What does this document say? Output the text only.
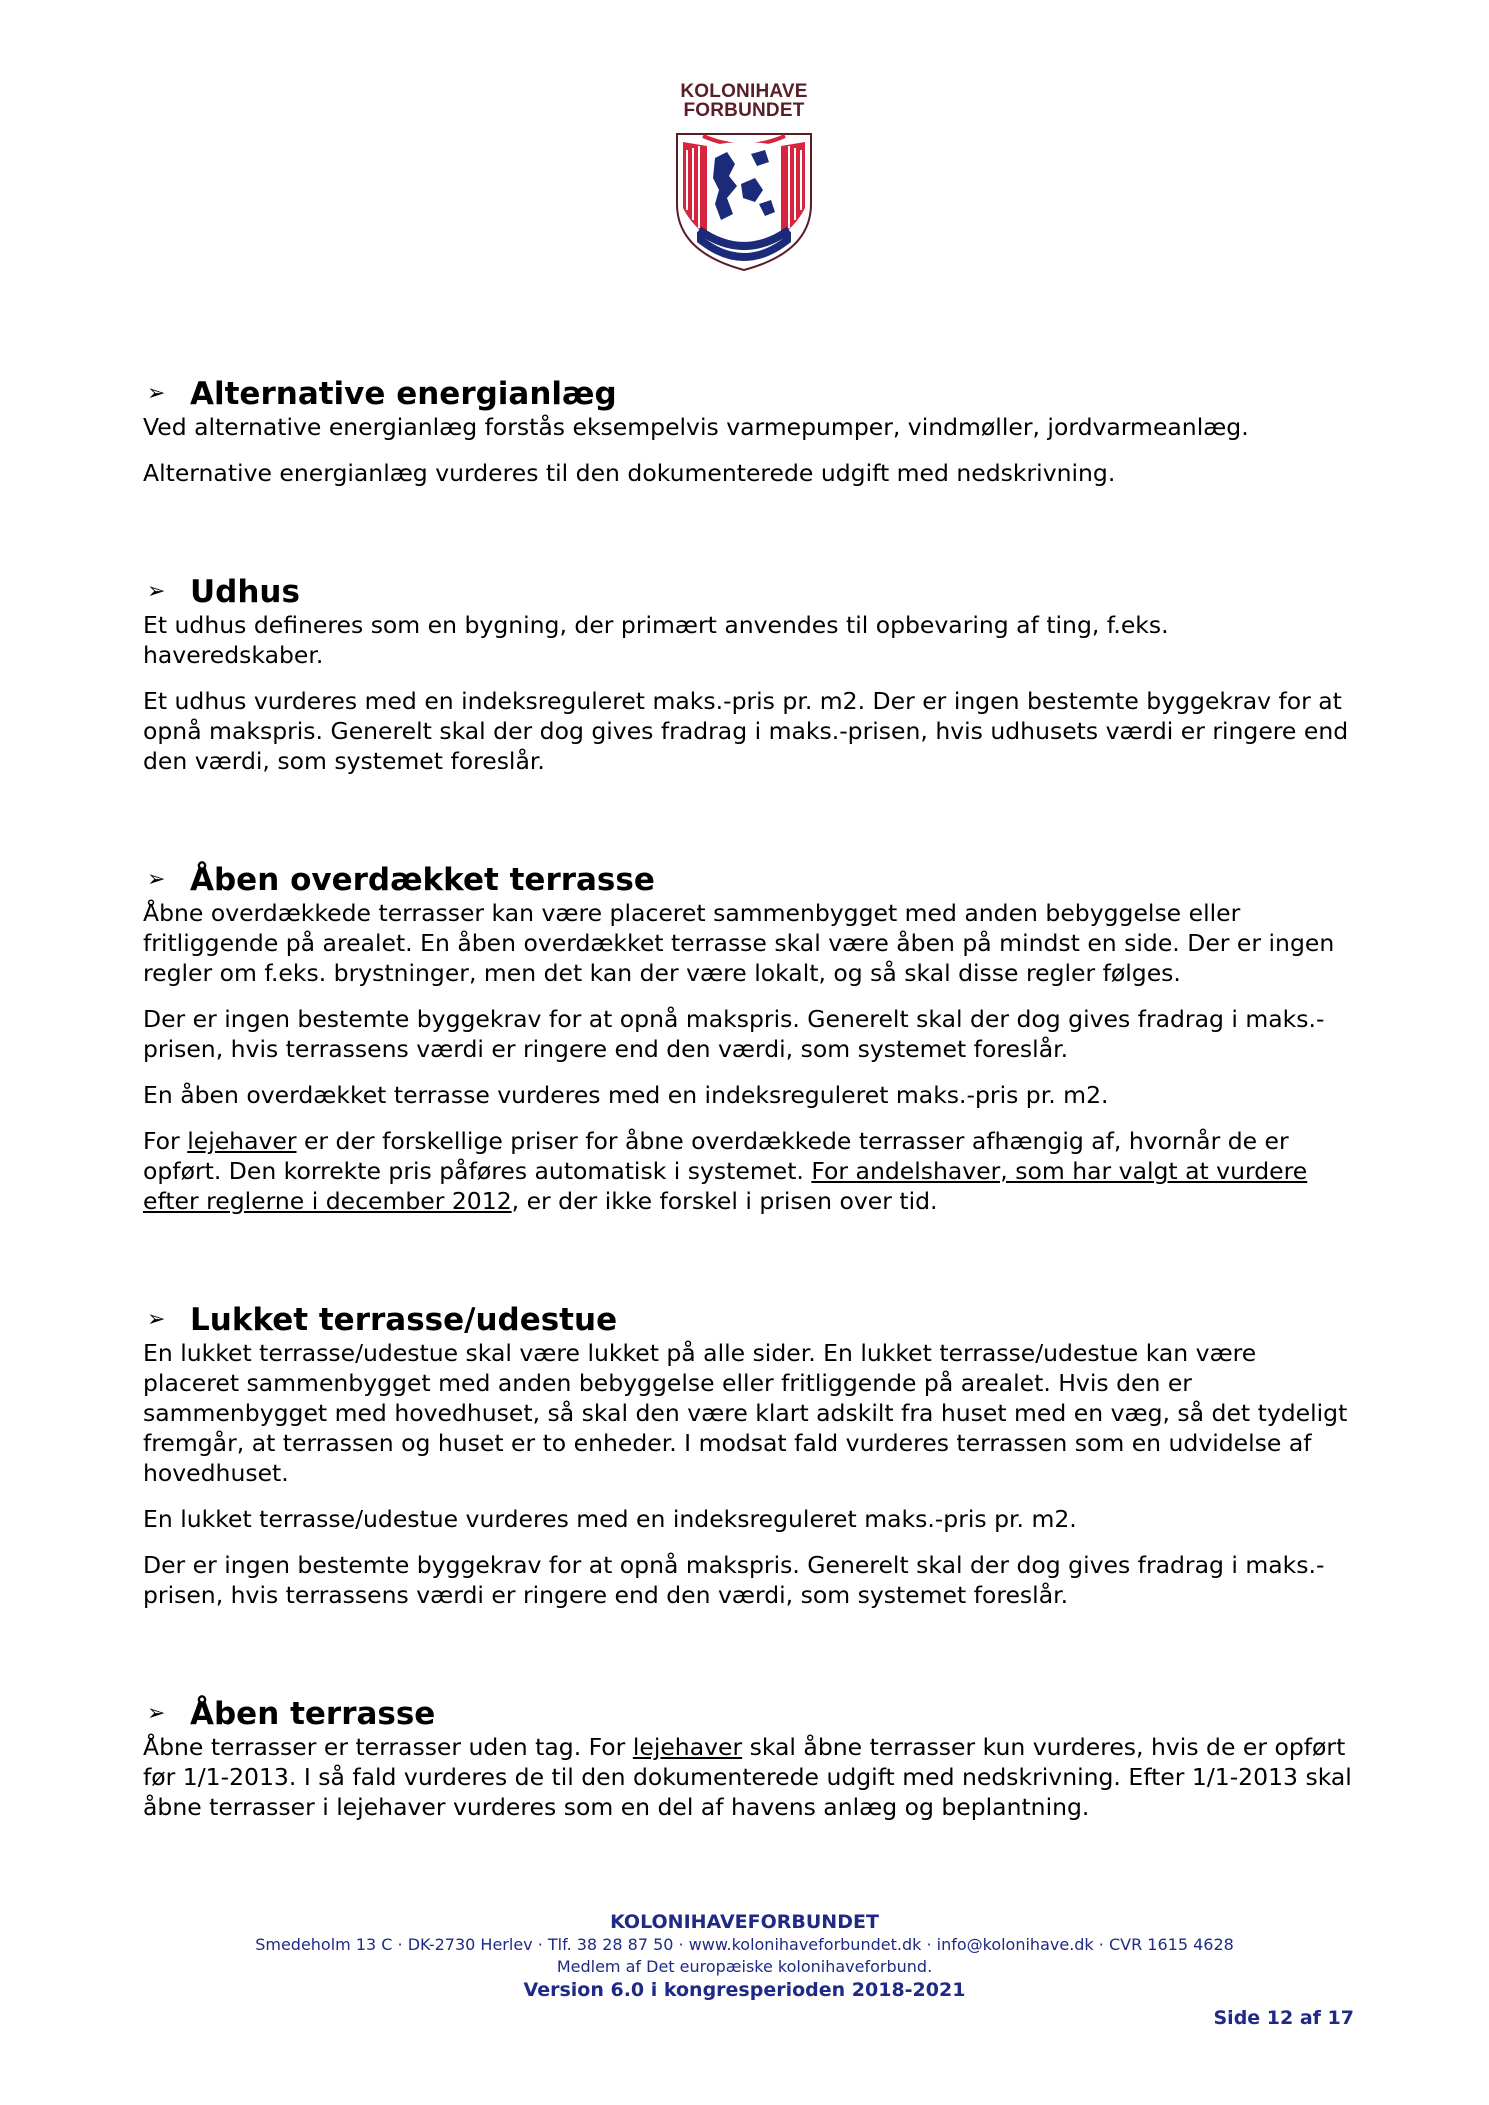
KOLONIHAVE
FORBUNDET
➢ Alternative energianlæg

Ved alternative energianlæg forstås eksempelvis varmepumper, vindmøller, jordvarmeanlæg.

Alternative energianlæg vurderes til den dokumenterede udgift med nedskrivning.

➢ Udhus

Et udhus defineres som en bygning, der primært anvendes til opbevaring af ting, f.eks. haveredskaber.

Et udhus vurderes med en indeksreguleret maks.-pris pr. m2. Der er ingen bestemte byggekrav for at opnå makspris. Generelt skal der dog gives fradrag i maks.-prisen, hvis udhusets værdi er ringere end den værdi, som systemet foreslår.

➢ Åben overdækket terrasse

Åbne overdækkede terrasser kan være placeret sammenbygget med anden bebyggelse eller fritliggende på arealet. En åben overdækket terrasse skal være åben på mindst en side. Der er ingen regler om f.eks. brystninger, men det kan der være lokalt, og så skal disse regler følges.

Der er ingen bestemte byggekrav for at opnå makspris. Generelt skal der dog gives fradrag i maks.-prisen, hvis terrassens værdi er ringere end den værdi, som systemet foreslår.

En åben overdækket terrasse vurderes med en indeksreguleret maks.-pris pr. m2.

For lejehaver er der forskellige priser for åbne overdækkede terrasser afhængig af, hvornår de er opført. Den korrekte pris påføres automatisk i systemet. For andelshaver, som har valgt at vurdere efter reglerne i december 2012, er der ikke forskel i prisen over tid.

➢ Lukket terrasse/udestue

En lukket terrasse/udestue skal være lukket på alle sider. En lukket terrasse/udestue kan være placeret sammenbygget med anden bebyggelse eller fritliggende på arealet. Hvis den er sammenbygget med hovedhuset, så skal den være klart adskilt fra huset med en væg, så det tydeligt fremgår, at terrassen og huset er to enheder. I modsat fald vurderes terrassen som en udvidelse af hovedhuset.

En lukket terrasse/udestue vurderes med en indeksreguleret maks.-pris pr. m2.

Der er ingen bestemte byggekrav for at opnå makspris. Generelt skal der dog gives fradrag i maks.-prisen, hvis terrassens værdi er ringere end den værdi, som systemet foreslår.

➢ Åben terrasse

Åbne terrasser er terrasser uden tag. For lejehaver skal åbne terrasser kun vurderes, hvis de er opført før 1/1-2013. I så fald vurderes de til den dokumenterede udgift med nedskrivning. Efter 1/1-2013 skal åbne terrasser i lejehaver vurderes som en del af havens anlæg og beplantning.

KOLONIHAVEFORBUNDET
Smedeholm 13 C · DK-2730 Herlev · Tlf. 38 28 87 50 · www.kolonihaveforbundet.dk · info@kolonihave.dk · CVR 1615 4628
Medlem af Det europæiske kolonihaveforbund.
Version 6.0 i kongresperioden 2018-2021
Side 12 af 17
